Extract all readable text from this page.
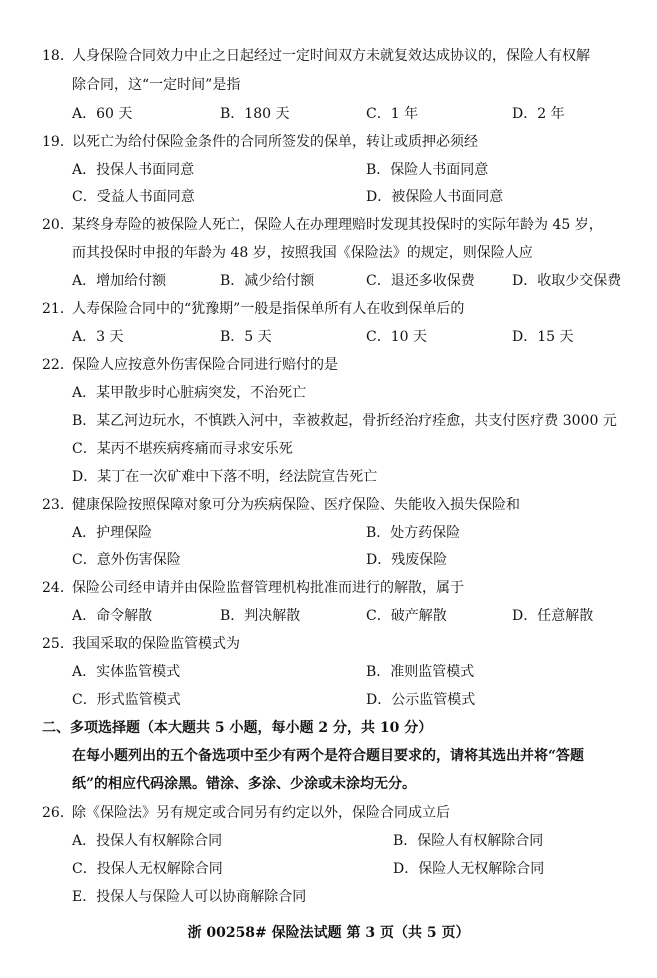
18．
人身保险合同效力中止之日起经过一定时间双方未就复效达成协议的，保险人有权解
除合同，这“一定时间”是指
A．60 天	B．180 天	C．1 年	D．2 年
19．
以死亡为给付保险金条件的合同所签发的保单，转让或质押必须经
A．投保人书面同意	B．保险人书面同意
C．受益人书面同意	D．被保险人书面同意
20．
某终身寿险的被保险人死亡，保险人在办理理赔时发现其投保时的实际年龄为 45 岁，
而其投保时申报的年龄为 48 岁，按照我国《保险法》的规定，则保险人应
A．增加给付额	B．减少给付额	C．退还多收保费	D．收取少交保费
21．
人寿保险合同中的“犹豫期”一般是指保单所有人在收到保单后的
A．3 天	B．5 天	C．10 天	D．15 天
22．
保险人应按意外伤害保险合同进行赔付的是
A．某甲散步时心脏病突发，不治死亡
B．某乙河边玩水，不慎跌入河中，幸被救起，骨折经治疗痊愈，共支付医疗费 3000 元
C．某丙不堪疾病疼痛而寻求安乐死
D．某丁在一次矿难中下落不明，经法院宣告死亡
23．
健康保险按照保障对象可分为疾病保险、医疗保险、失能收入损失保险和
A．护理保险	B．处方药保险
C．意外伤害保险	D．残废保险
24．
保险公司经申请并由保险监督管理机构批准而进行的解散，属于
A．命令解散	B．判决解散	C．破产解散	D．任意解散
25．
我国采取的保险监管模式为
A．实体监管模式	B．准则监管模式
C．形式监管模式	D．公示监管模式
二、多项选择题（本大题共 5 小题，每小题 2 分，共 10 分）
在每小题列出的五个备选项中至少有两个是符合题目要求的，请将其选出并将“答题
纸”的相应代码涂黑。错涂、多涂、少涂或未涂均无分。
26．
除《保险法》另有规定或合同另有约定以外，保险合同成立后
A．投保人有权解除合同	B．保险人有权解除合同
C．投保人无权解除合同	D．保险人无权解除合同
E．投保人与保险人可以协商解除合同
浙 00258# 保险法试题 第 3 页（共 5 页）
